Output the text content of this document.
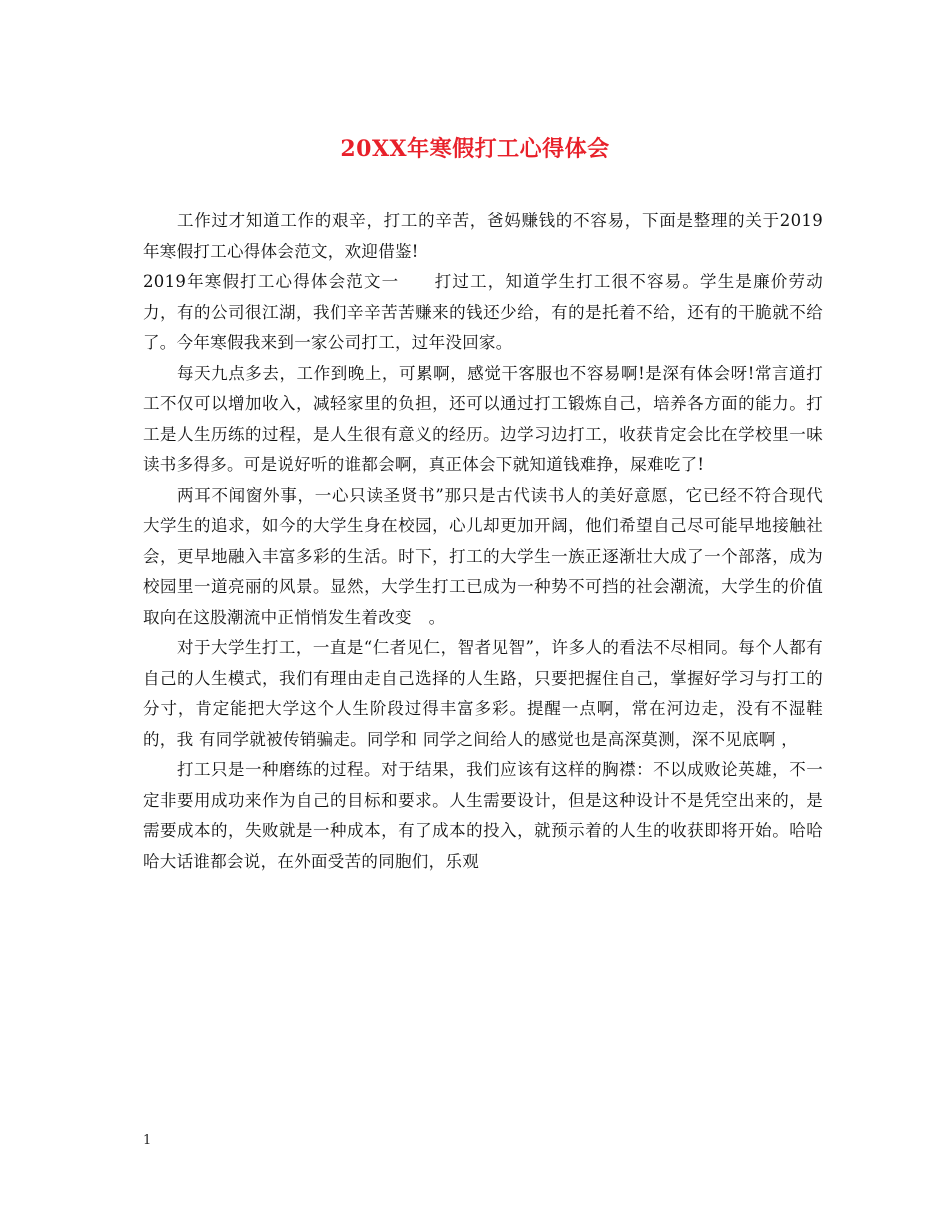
20XX年寒假打工心得体会

工作过才知道工作的艰辛，打工的辛苦，爸妈赚钱的不容易，下面是整理的关于2019年寒假打工心得体会范文，欢迎借鉴!

2019年寒假打工心得体会范文一　　打过工，知道学生打工很不容易。学生是廉价劳动力，有的公司很江湖，我们辛辛苦苦赚来的钱还少给，有的是托着不给，还有的干脆就不给了。今年寒假我来到一家公司打工，过年没回家。

每天九点多去，工作到晚上，可累啊，感觉干客服也不容易啊!是深有体会呀!常言道打工不仅可以增加收入，减轻家里的负担，还可以通过打工锻炼自己，培养各方面的能力。打工是人生历练的过程，是人生很有意义的经历。边学习边打工，收获肯定会比在学校里一味读书多得多。可是说好听的谁都会啊，真正体会下就知道钱难挣，屎难吃了!

两耳不闻窗外事，一心只读圣贤书”那只是古代读书人的美好意愿，它已经不符合现代大学生的追求，如今的大学生身在校园，心儿却更加开阔，他们希望自己尽可能早地接触社会，更早地融入丰富多彩的生活。时下，打工的大学生一族正逐渐壮大成了一个部落，成为校园里一道亮丽的风景。显然，大学生打工已成为一种势不可挡的社会潮流，大学生的价值取向在这股潮流中正悄悄发生着改变　。

对于大学生打工，一直是“仁者见仁，智者见智”，许多人的看法不尽相同。每个人都有自己的人生模式，我们有理由走自己选择的人生路，只要把握住自己，掌握好学习与打工的分寸，肯定能把大学这个人生阶段过得丰富多彩。提醒一点啊，常在河边走，没有不湿鞋的，我 有同学就被传销骗走。同学和 同学之间给人的感觉也是高深莫测，深不见底啊 ，

打工只是一种磨练的过程。对于结果，我们应该有这样的胸襟：不以成败论英雄，不一定非要用成功来作为自己的目标和要求。人生需要设计，但是这种设计不是凭空出来的，是需要成本的，失败就是一种成本，有了成本的投入，就预示着的人生的收获即将开始。哈哈哈大话谁都会说，在外面受苦的同胞们，乐观

1
